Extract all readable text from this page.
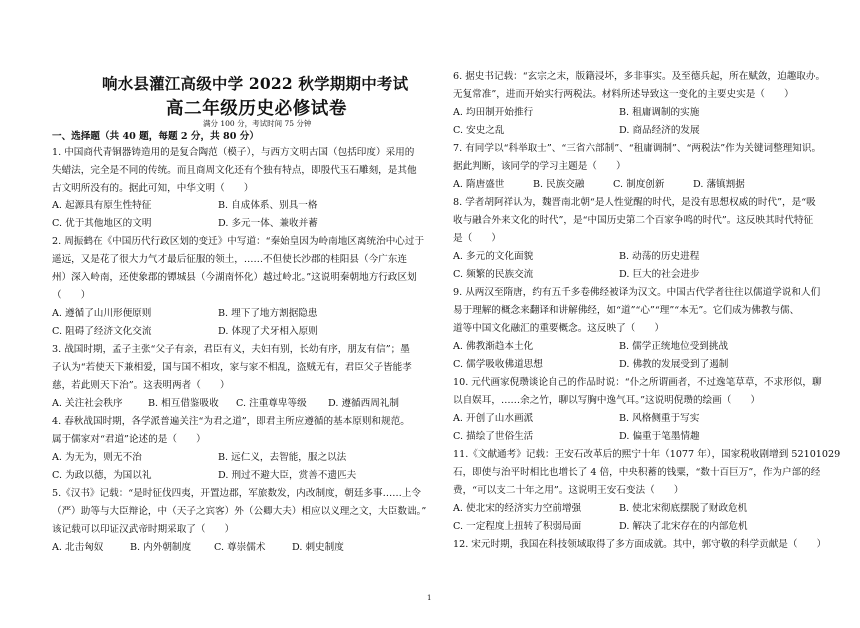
响水县灌江高级中学 2022 秋学期期中考试
高二年级历史必修试卷
满分 100 分，考试时间 75 分钟
一、选择题（共 40 题，每题 2 分，共 80 分）
1. 中国商代青铜器铸造用的是复合陶范（模子），与西方文明古国（包括印度）采用的
失蜡法，完全是不同的传统。而且商周文化还有个独有特点，即殷代玉石雕刻，是其他
古文明所没有的。据此可知，中华文明（　　）
A. 起源具有原生性特征	B. 自成体系、别具一格
C. 优于其他地区的文明	D. 多元一体、兼收并蓄
2. 周振鹤在《中国历代行政区划的变迁》中写道：“秦始皇因为岭南地区离统治中心过于
遥远，又是花了很大力气才最后征服的领土，……不但使长沙郡的桂阳县（今广东连
州）深入岭南，还使象郡的镡城县（今湖南怀化）越过岭北。”这说明秦朝地方行政区划
（　　）
A. 遵循了山川形便原则	B. 埋下了地方割据隐患
C. 阻碍了经济文化交流	D. 体现了犬牙相入原则
3. 战国时期，孟子主张“父子有亲，君臣有义，夫妇有别，长幼有序，朋友有信”；墨
子认为“若使天下兼相爱，国与国不相攻，家与家不相乱，盗贼无有，君臣父子皆能孝
慈，若此则天下治”。这表明两者（　　）
A. 关注社会秩序	B. 相互借鉴吸收 C. 注重尊卑等级 D. 遵循西周礼制
4. 春秋战国时期，各学派普遍关注“为君之道”，即君主所应遵循的基本原则和规范。
属于儒家对“君道”论述的是（　　）
A. 为无为，则无不治	B. 远仁义，去智能，服之以法
C. 为政以德，为国以礼	D. 刑过不避大臣，赏善不遗匹夫
5.《汉书》记载：“是时征伐四夷，开置边郡，军旅数发，内改制度，朝廷多事……上令
（严）助等与大臣辩论，中（天子之宾客）外（公卿大夫）相应以义理之文，大臣数诎。”
该记载可以印证汉武帝时期采取了（　　）
A. 北击匈奴	B. 内外朝制度 C. 尊崇儒术	D. 刺史制度
6. 据史书记载：“玄宗之末，版籍浸坏，多非事实。及至德兵起，所在赋敛，迫趣取办。
无复常准”，进而开始实行两税法。材料所述导致这一变化的主要史实是（　　）
A. 均田制开始推行	B. 租庸调制的实施
C. 安史之乱	D. 商品经济的发展
7. 有同学以“科举取士”、“三省六部制”、“租庸调制”、“两税法”作为关键词整理知识。
据此判断，该同学的学习主题是（　　）
A. 隋唐盛世	B. 民族交融	C. 制度创新	D. 藩镇割据
8. 学者胡阿祥认为，魏晋南北朝“是人性觉醒的时代，是没有思想权威的时代”，是“吸
收与融合外来文化的时代”，是“中国历史第二个百家争鸣的时代”。这反映其时代特征
是（　　）
A. 多元的文化面貌	B. 动荡的历史进程
C. 频繁的民族交流	D. 巨大的社会进步
9. 从两汉至隋唐，约有五千多卷佛经被译为汉文。中国古代学者往往以儒道学说和人们
易于理解的概念来翻译和讲解佛经，如“道”“心”“理”“本无”。它们成为佛教与儒、
道等中国文化融汇的重要概念。这反映了（　　）
A. 佛教渐趋本土化	B. 儒学正统地位受到挑战
C. 儒学吸收佛道思想	D. 佛教的发展受到了遏制
10. 元代画家倪瓒谈论自己的作品时说：“仆之所谓画者，不过逸笔草草，不求形似，聊
以自娱耳，……余之竹，聊以写胸中逸气耳。”这说明倪瓒的绘画（　　）
A. 开创了山水画派	B. 风格侧重于写实
C. 描绘了世俗生活	D. 偏重于笔墨情趣
11.《文献通考》记载：王安石改革后的熙宁十年（1077 年），国家税收剧增到 52101029
石，即使与治平时相比也增长了 4 倍，中央积蓄的钱粟，“数十百巨万”，作为户部的经
费，“可以支二十年之用”。这说明王安石变法（　　）
A. 使北宋的经济实力空前增强	B. 使北宋彻底摆脱了财政危机
C. 一定程度上扭转了积弱局面	D. 解决了北宋存在的内部危机
12. 宋元时期，我国在科技领域取得了多方面成就。其中，郭守敬的科学贡献是（　　）
1
